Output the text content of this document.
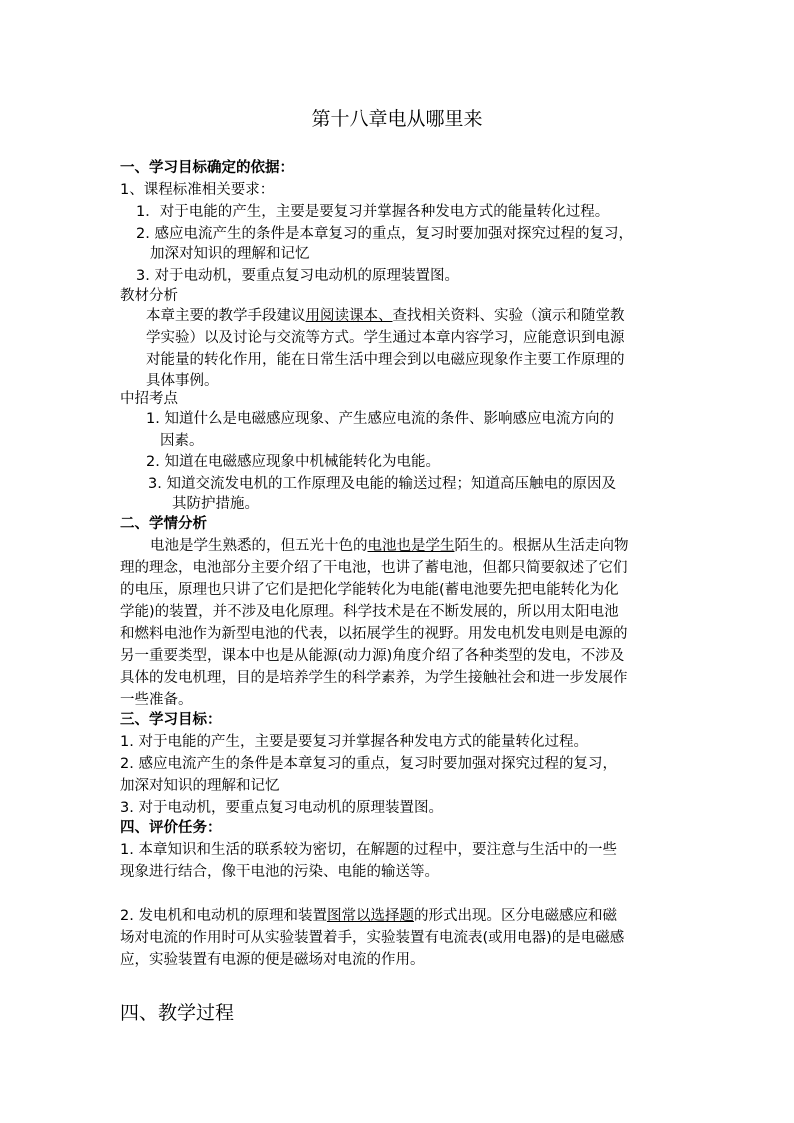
第十八章电从哪里来
一、学习目标确定的依据：
1、课程标准相关要求：
1．对于电能的产生，主要是要复习并掌握各种发电方式的能量转化过程。
2. 感应电流产生的条件是本章复习的重点，复习时要加强对探究过程的复习，
加深对知识的理解和记忆
3. 对于电动机，要重点复习电动机的原理装置图。
教材分析
本章主要的教学手段建议用阅读课本、查找相关资料、实验（演示和随堂教
学实验）以及讨论与交流等方式。学生通过本章内容学习，应能意识到电源
对能量的转化作用，能在日常生活中理会到以电磁应现象作主要工作原理的
具体事例。
中招考点
1. 知道什么是电磁感应现象、产生感应电流的条件、影响感应电流方向的
因素。
2. 知道在电磁感应现象中机械能转化为电能。
3. 知道交流发电机的工作原理及电能的输送过程；知道高压触电的原因及
其防护措施。
二、学情分析
电池是学生熟悉的，但五光十色的电池也是学生陌生的。根据从生活走向物
理的理念，电池部分主要介绍了干电池，也讲了蓄电池，但都只简要叙述了它们
的电压，原理也只讲了它们是把化学能转化为电能(蓄电池要先把电能转化为化
学能)的装置，并不涉及电化原理。科学技术是在不断发展的，所以用太阳电池
和燃料电池作为新型电池的代表，以拓展学生的视野。用发电机发电则是电源的
另一重要类型，课本中也是从能源(动力源)角度介绍了各种类型的发电，不涉及
具体的发电机理，目的是培养学生的科学素养，为学生接触社会和进一步发展作
一些准备。
三、学习目标：
1. 对于电能的产生，主要是要复习并掌握各种发电方式的能量转化过程。
2. 感应电流产生的条件是本章复习的重点，复习时要加强对探究过程的复习，
加深对知识的理解和记忆
3. 对于电动机，要重点复习电动机的原理装置图。
四、评价任务：
1. 本章知识和生活的联系较为密切，在解题的过程中，要注意与生活中的一些
现象进行结合，像干电池的污染、电能的输送等。
2. 发电机和电动机的原理和装置图常以选择题的形式出现。区分电磁感应和磁
场对电流的作用时可从实验装置着手，实验装置有电流表(或用电器)的是电磁感
应，实验装置有电源的便是磁场对电流的作用。
四、教学过程
